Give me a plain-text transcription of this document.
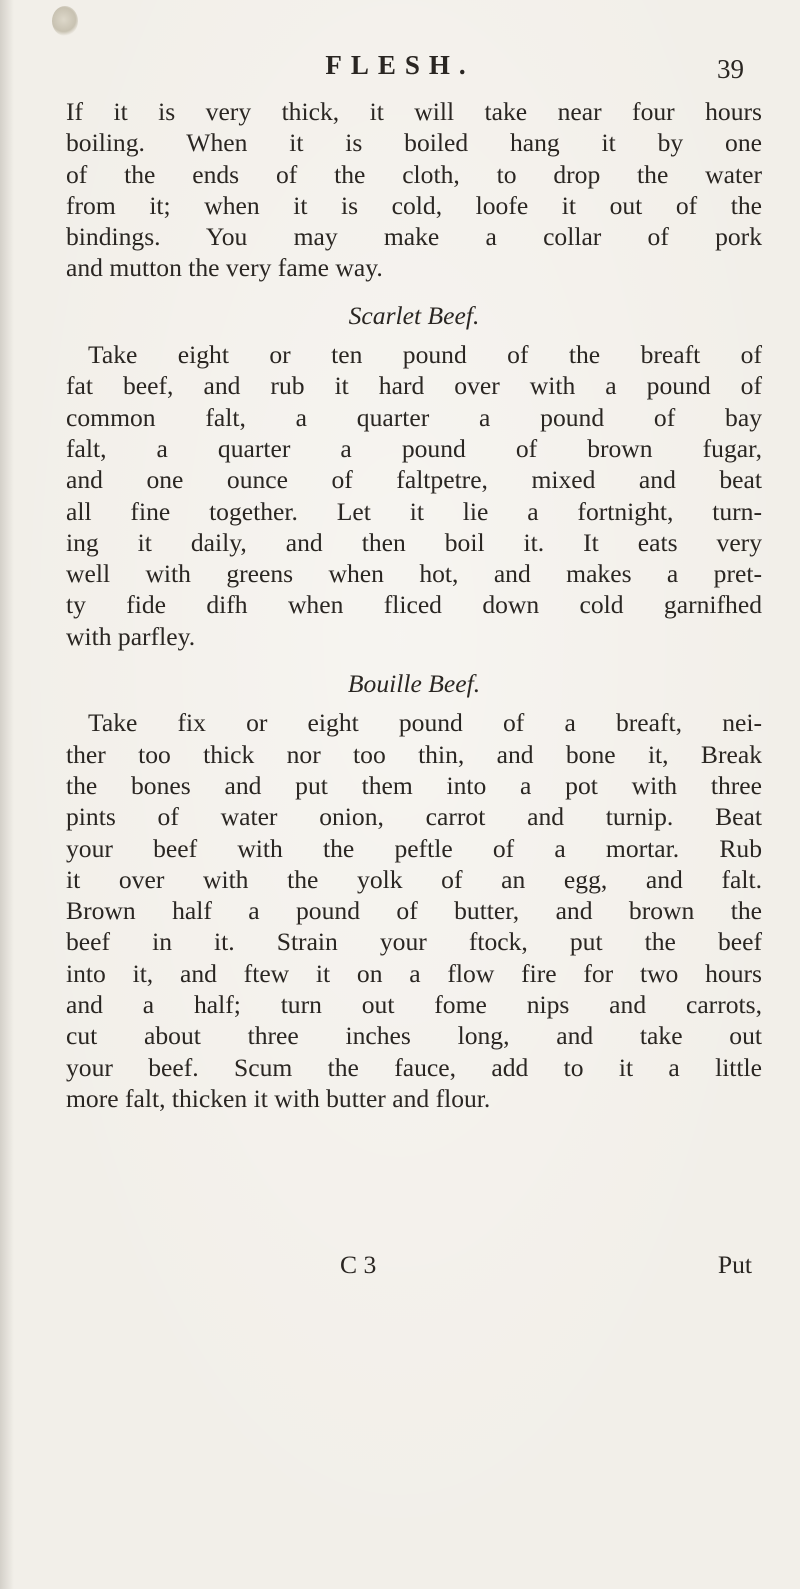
FLESH.	39
If it is very thick, it will take near four hours
boiling. When it is boiled hang it by one
of the ends of the cloth, to drop the water
from it; when it is cold, loofe it out of the
bindings. You may make a collar of pork
and mutton the very fame way.
Scarlet Beef.
Take eight or ten pound of the breaft of
fat beef, and rub it hard over with a pound of
common falt, a quarter a pound of bay
falt, a quarter a pound of brown fugar,
and one ounce of faltpetre, mixed and beat
all fine together. Let it lie a fortnight, turn-
ing it daily, and then boil it. It eats very
well with greens when hot, and makes a pret-
ty fide difh when fliced down cold garnifhed
with parfley.
Bouille Beef.
Take fix or eight pound of a breaft, nei-
ther too thick nor too thin, and bone it, Break
the bones and put them into a pot with three
pints of water onion, carrot and turnip. Beat
your beef with the peftle of a mortar. Rub
it over with the yolk of an egg, and falt.
Brown half a pound of butter, and brown the
beef in it. Strain your ftock, put the beef
into it, and ftew it on a flow fire for two hours
and a half; turn out fome nips and carrots,
cut about three inches long, and take out
your beef. Scum the fauce, add to it a little
more falt, thicken it with butter and flour.
C 3	Put
